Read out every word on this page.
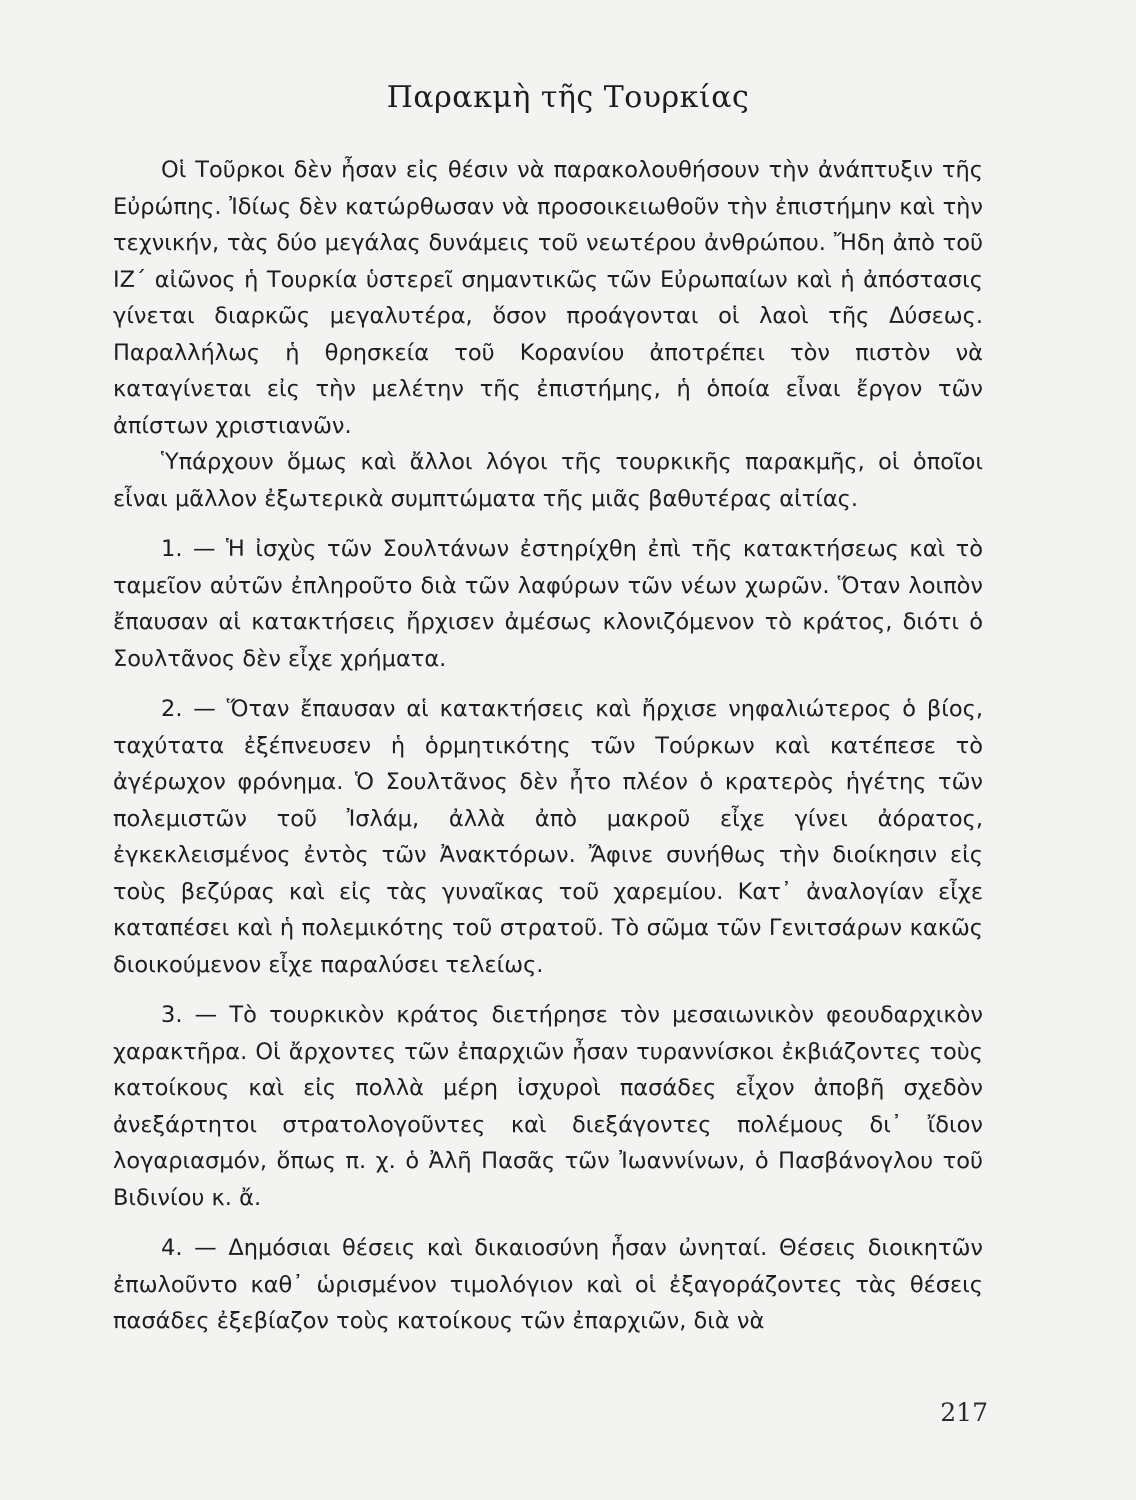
Παρακμὴ τῆς Τουρκίας

Οἱ Τοῦρκοι δὲν ἦσαν εἰς θέσιν νὰ παρακολουθήσουν τὴν ἀνάπτυξιν τῆς Εὐρώπης. Ἰδίως δὲν κατώρθωσαν νὰ προσοικειωθοῦν τὴν ἐπιστήμην καὶ τὴν τεχνικήν, τὰς δύο μεγάλας δυνάμεις τοῦ νεωτέρου ἀνθρώπου. Ἤδη ἀπὸ τοῦ ΙΖ΄ αἰῶνος ἡ Τουρκία ὑστερεῖ σημαντικῶς τῶν Εὐρωπαίων καὶ ἡ ἀπόστασις γίνεται διαρκῶς μεγαλυτέρα, ὅσον προάγονται οἱ λαοὶ τῆς Δύσεως. Παραλλήλως ἡ θρησκεία τοῦ Κορανίου ἀποτρέπει τὸν πιστὸν νὰ καταγίνεται εἰς τὴν μελέτην τῆς ἐπιστήμης, ἡ ὁποία εἶναι ἔργον τῶν ἀπίστων χριστιανῶν.

Ὑπάρχουν ὅμως καὶ ἄλλοι λόγοι τῆς τουρκικῆς παρακμῆς, οἱ ὁποῖοι εἶναι μᾶλλον ἐξωτερικὰ συμπτώματα τῆς μιᾶς βαθυτέρας αἰτίας.

1. — Ἡ ἰσχὺς τῶν Σουλτάνων ἐστηρίχθη ἐπὶ τῆς κατακτήσεως καὶ τὸ ταμεῖον αὐτῶν ἐπληροῦτο διὰ τῶν λαφύρων τῶν νέων χωρῶν. Ὅταν λοιπὸν ἔπαυσαν αἱ κατακτήσεις ἤρχισεν ἀμέσως κλονιζόμενον τὸ κράτος, διότι ὁ Σουλτᾶνος δὲν εἶχε χρήματα.

2. — Ὅταν ἔπαυσαν αἱ κατακτήσεις καὶ ἤρχισε νηφαλιώτερος ὁ βίος, ταχύτατα ἐξέπνευσεν ἡ ὁρμητικότης τῶν Τούρκων καὶ κατέπεσε τὸ ἀγέρωχον φρόνημα. Ὁ Σουλτᾶνος δὲν ἦτο πλέον ὁ κρατερὸς ἡγέτης τῶν πολεμιστῶν τοῦ Ἰσλάμ, ἀλλὰ ἀπὸ μακροῦ εἶχε γίνει ἀόρατος, ἐγκεκλεισμένος ἐντὸς τῶν Ἀνακτόρων. Ἄφινε συνήθως τὴν διοίκησιν εἰς τοὺς βεζύρας καὶ εἰς τὰς γυναῖκας τοῦ χαρεμίου. Κατ᾽ ἀναλογίαν εἶχε καταπέσει καὶ ἡ πολεμικότης τοῦ στρατοῦ. Τὸ σῶμα τῶν Γενιτσάρων κακῶς διοικούμενον εἶχε παραλύσει τελείως.

3. — Τὸ τουρκικὸν κράτος διετήρησε τὸν μεσαιωνικὸν φεουδαρχικὸν χαρακτῆρα. Οἱ ἄρχοντες τῶν ἐπαρχιῶν ἦσαν τυραννίσκοι ἐκβιάζοντες τοὺς κατοίκους καὶ εἰς πολλὰ μέρη ἰσχυροὶ πασάδες εἶχον ἀποβῆ σχεδὸν ἀνεξάρτητοι στρατολογοῦντες καὶ διεξάγοντες πολέμους δι᾽ ἴδιον λογαριασμόν, ὅπως π. χ. ὁ Ἀλῆ Πασᾶς τῶν Ἰωαννίνων, ὁ Πασβάνογλου τοῦ Βιδινίου κ. ἄ.

4. — Δημόσιαι θέσεις καὶ δικαιοσύνη ἦσαν ὠνηταί. Θέσεις διοικητῶν ἐπωλοῦντο καθ᾽ ὡρισμένον τιμολόγιον καὶ οἱ ἐξαγοράζοντες τὰς θέσεις πασάδες ἐξεβίαζον τοὺς κατοίκους τῶν ἐπαρχιῶν, διὰ νὰ

217
